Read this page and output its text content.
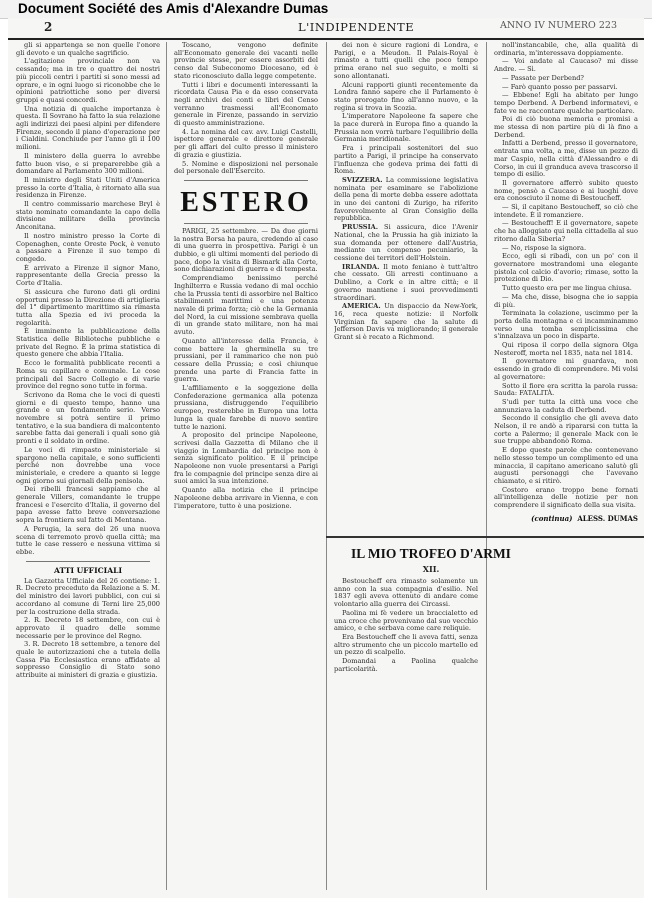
Document Société des Amis d'Alexandre Dumas
2	L'INDIPENDENTE	ANNO IV NUMERO 223

gli si appartenga se non quelle l'onore gli devoto e un qualche sagrificio.

L'agitazione provinciale non va cessando; ma in tre o quattro dei nostri più piccoli centri i partiti si sono messi ad oprare, e in ogni luogo si riconobbe che le opinioni patriottiche sono per diversi gruppi e quasi concordi.

Una notizia di qualche importanza è questa. Il Sovrano ha fatto la sua relazione agli indirizzi dei paesi alpini per difendere Firenze, secondo il piano d'operazione per i Cialdini. Conchiude per l'anno gli il 100 milioni.

Il ministero della guerra lo avrebbe fatto buon viso, e si preparerebbe già a domandare al Parlamento 300 milioni.

Il ministro degli Stati Uniti d'America presso la corte d'Italia, è ritornato alla sua residenza in Firenze.

Il centro commissario marchese Bryl è stato nominato comandante la capo della divisione militare della provincia Anconitana.

Il nostro ministro presso la Corte di Copenaghen, conte Oreste Pock, è venuto a passare a Firenze il suo tempo di congedo.

È arrivato a Firenze il signor Mano, rappresentante della Grecia presso la Corte d'Italia.

Si assicura che furono dati gli ordini opportuni presso la Direzione di artiglieria del 1° dipartimento marittimo sia rimasta tutta alla Spezia ed ivi proceda la regolarità.

È imminente la pubblicazione della Statistica delle Biblioteche pubbliche e private del Regno. È la prima statistica di questo genere che abbia l'Italia.

Ecco le formalità pubblicate recenti a Roma su capillare e comunale. Le cose principali del Sacro Collegio e di varie province del regno sono tutte in forma.

Scrivono da Roma che le voci di questi giorni e di questo tempo, hanno una grande e un fondamento serio. Verso novembre si potrà sentire il primo tentativo, e la sua bandiera di malcontento sarebbe fatta dai generali i quali sono già pronti e il soldato in ordine.

Le voci di rimpasto ministeriale si spargono nella capitale, e sono sufficienti perché non dovrebbe una voce ministeriale, e credere a quanto si legge ogni giorno sui giornali della penisola.

Dei ribelli francesi sappiamo che al generale Villers, comandante le truppe francesi e l'esercito d'Italia, il governo del papa avesse fatto breve conversazione sopra la frontiera sul fatto di Mentana.

A Perugia, la sera del 26 una nuova scena di terremoto provò quella città; ma tutte le case ressero e nessuna vittima si ebbe.

ATTI UFFICIALI

La Gazzetta Ufficiale del 26 contiene: 1. R. Decreto preceduto da Relazione a S. M. del ministro dei lavori pubblici, con cui si accordano al comune di Terni lire 25,000 per la costruzione della strada.

2. R. Decreto 18 settembre, con cui è approvato il quadro delle somme necessarie per le province del Regno.

3. R. Decreto 18 settembre, a tenore del quale le autorizzazioni che a tutela della Cassa Pia Ecclesiastica erano affidate al soppresso Consiglio di Stato sono attribuite ai ministeri di grazia e giustizia.

Toscano, vengono definite all'Economato generale dei vacanti nelle provincie stesse, per essere assorbiti del censo dal Subeconomo Diocesano, ed è stato riconosciuto dalla legge competente.

Tutti i libri e documenti interessanti la ricordata Causa Pia e da esso conservata negli archivi dei conti e libri del Censo verranno trasmessi all'Economato generale in Firenze, passando in servizio di questo amministrazione.

4. La nomina del cav. avv. Luigi Castelli, ispettore generale e direttore generale per gli affari del culto presso il ministero di grazia e giustizia.

5. Nomine e disposizioni nel personale del personale dell'Esercito.

ESTERO

PARIGI, 25 settembre. — Da due giorni la nostra Borsa ha paura, credendo al caso di una guerra in prospettiva. Parigi è un dubbio, e gli ultimi momenti del periodo di pace, dopo la visita di Bismark alla Corte, sono dichiarazioni di guerra e di tempesta.

Comprendiamo benissimo perché Inghilterra e Russia vedano di mal occhio che la Prussia tenti di assorbire nel Baltico stabilimenti marittimi e una potenza navale di prima forza; ciò che la Germania del Nord, la cui missione sembrava quella di un grande stato militare, non ha mai avuto.

Quanto all'interesse della Francia, è come battere la gherminella su tre prussiani, per il rammarico che non può cessare della Prussia; e così chiunque prende una parte di Francia fatte in guerra.

L'affiliamento e la soggezione della Confederazione germanica alla potenza prussiana, distruggendo l'equilibrio europeo, resterebbe in Europa una lotta lunga la quale farebbe di nuovo sentire tutte le nazioni.

A proposito del principe Napoleone, scrivesi dalla Gazzetta di Milano che il viaggio in Lombardia del principe non è senza significato politico. E il principe Napoleone non vuole presentarsi a Parigi fra le compagnie del principe senza dire ai suoi amici la sua intenzione.

Quanto alla notizia che il principe Napoleone debba arrivare in Vienna, e con l'imperatore, tutto è una posizione.

dei non è sicure ragioni di Londra, e Parigi, e a Meudon. Il Palais-Royal è rimasto a tutti quelli che poco tempo prima erano nel suo seguito, e molti si sono allontanati.

Alcuni rapporti giunti recentemente da Londra fanno sapere che il Parlamento è stato prorogato fino all'anno nuovo, e la regina si trova in Scozia.

L'imperatore Napoleone fa sapere che la pace durerà in Europa fino a quando la Prussia non vorrà turbare l'equilibrio della Germania meridionale.

Fra i principali sostenitori del suo partito a Parigi, il principe ha conservato l'influenza che godeva prima dei fatti di Roma.

SVIZZERA. La commissione legislativa nominata per esaminare se l'abolizione della pena di morte debba essere adottata in uno dei cantoni di Zurigo, ha riferito favorevolmente al Gran Consiglio della repubblica.

PRUSSIA. Si assicura, dice l'Avenir National, che la Prussia ha già iniziato la sua domanda per ottenere dall'Austria, mediante un compenso pecuniario, la cessione dei territori dell'Holstein.

IRLANDA. Il moto feniano è tutt'altro che cessato. Gli arresti continuano a Dublino, a Cork e in altre città; e il governo mantiene i suoi provvedimenti straordinari.

AMERICA. Un dispaccio da New-York, 16, reca queste notizie: il Norfolk Virginian fa sapere che la salute di Jefferson Davis va migliorando; il generale Grant si è recato a Richmond.

IL MIO TROFEO D'ARMI
XII.

Bestoucheff era rimasto solamente un anno con la sua compagnia d'esilio. Nel 1837 egli aveva ottenuto di andare come volontario alla guerra dei Circassi.

Paolina mi fè vedere un braccialetto ed una croce che provenivano dal suo vecchio amico, e che serbava come care reliquie.

Era Bestoucheff che li aveva fatti, senza altro strumento che un piccolo martello ed un pezzo di scalpello.

Domandai a Paolina qualche particolarità.

noll'instancabile, che, alla qualità di ordinaria, m'interessava doppiamente.

— Voi andate al Caucaso? mi disse Andre. — Sì.

— Passate per Derbend?

— Farò quanto posso per passarvi.

— Ebbene! Egli ha abitato per lungo tempo Derbend. A Derbend informatevi, e fate ve ne raccontare qualche particolare.

Poi di ciò buona memoria e promisi a me stessa di non partire più di là fino a Derbend.

Infatti a Derbend, presso il governatore, entrata una volta, a me, disse un pezzo di mar Caspio, nella città d'Alessandro e di Corso, in cui il granduca aveva trascorso il tempo di esilio.

Il governatore afferrò subito questo nome, pensò a Caucaso e ai luoghi dove era conosciuto il nome di Bestoucheff.

— Sì, il capitano Bestoucheff, so ciò che intendete. È il romanziere.

— Bestoucheff! E il governatore, sapete che ha alloggiato qui nella cittadella al suo ritorno dalla Siberia?

— No, rispose la signora.

Ecco, egli si ribadì, con un po' con il governatore mostrandomi una elegante pistola col calcio d'avorio; rimase, sotto la protezione di Dio.

Tutto questo era per me lingua chiusa.

— Ma che, disse, bisogna che io sappia di più.

Terminata la colazione, uscimmo per la porta della montagna e ci incamminammo verso una tomba semplicissima che s'innalzava un poco in disparte.

Qui riposa il corpo della signora Olga Nesteroff, morta nel 1835, nata nel 1814.

Il governatore mi guardava, non essendo in grado di comprendere. Mi volsi al governatore:

Sotto il fiore era scritta la parola russa: Sauda: FATALITÀ.

S'udì per tutta la città una voce che annunziava la caduta di Derbend.

Secondo il consiglio che gli aveva dato Nelson, il re andò a ripararsi con tutta la corte a Palermo; il generale Mack con le sue truppe abbandonò Roma.

E dopo queste parole che contenevano nello stesso tempo un complimento ed una minaccia, il capitano americano salutò gli augusti personaggi che l'avevano chiamato, e si ritirò.

Costoro erano troppo bene fornati all'intelligenza delle notizie per non comprendere il significato della sua visita.

(continua) ALESS. DUMAS
